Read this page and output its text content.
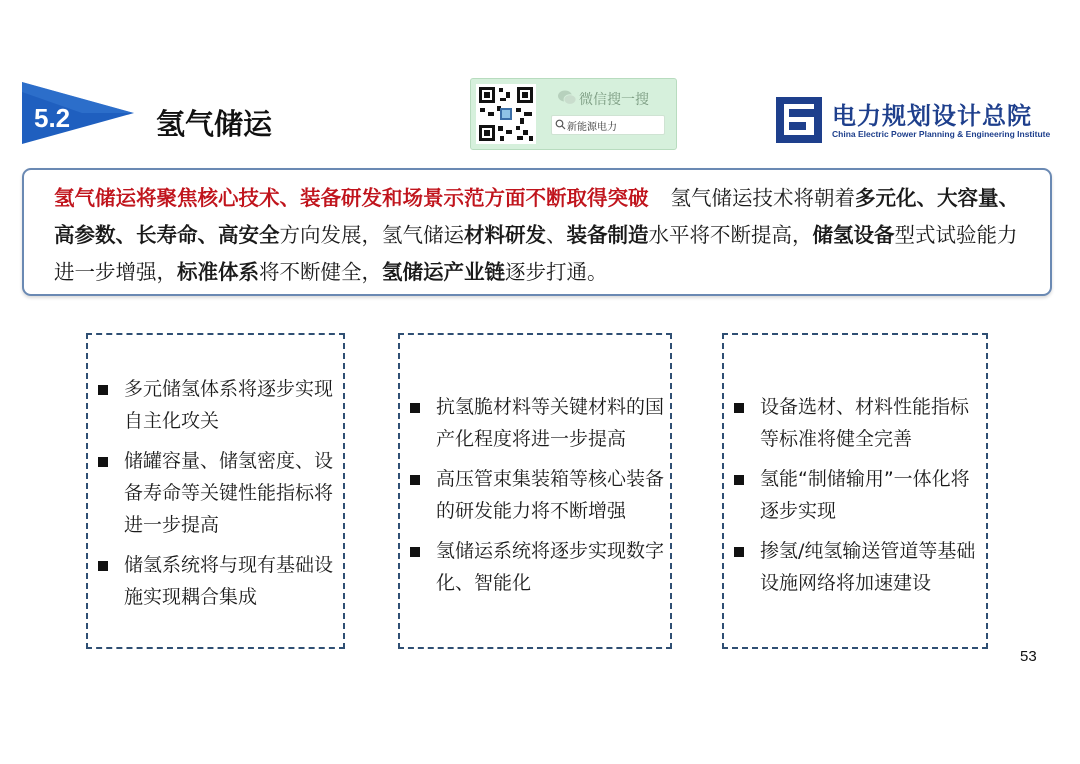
5.2	氢气储运
微信搜一搜
新能源电力	电力规划设计总院
China Electric Power Planning & Engineering Institute
氢气储运将聚焦核心技术、装备研发和场景示范方面不断取得突破 氢气储运技术将朝着多元化、大容量、高参数、长寿命、高安全方向发展，氢气储运材料研发、装备制造水平将不断提高，储氢设备型式试验能力进一步增强，标准体系将不断健全，氢储运产业链逐步打通。
多元储氢体系将逐步实现自主化攻关
储罐容量、储氢密度、设备寿命等关键性能指标将进一步提高
储氢系统将与现有基础设施实现耦合集成
抗氢脆材料等关键材料的国产化程度将进一步提高
高压管束集装箱等核心装备的研发能力将不断增强
氢储运系统将逐步实现数字化、智能化
设备选材、材料性能指标等标准将健全完善
氢能“制储输用”一体化将逐步实现
掺氢/纯氢输送管道等基础设施网络将加速建设
53
